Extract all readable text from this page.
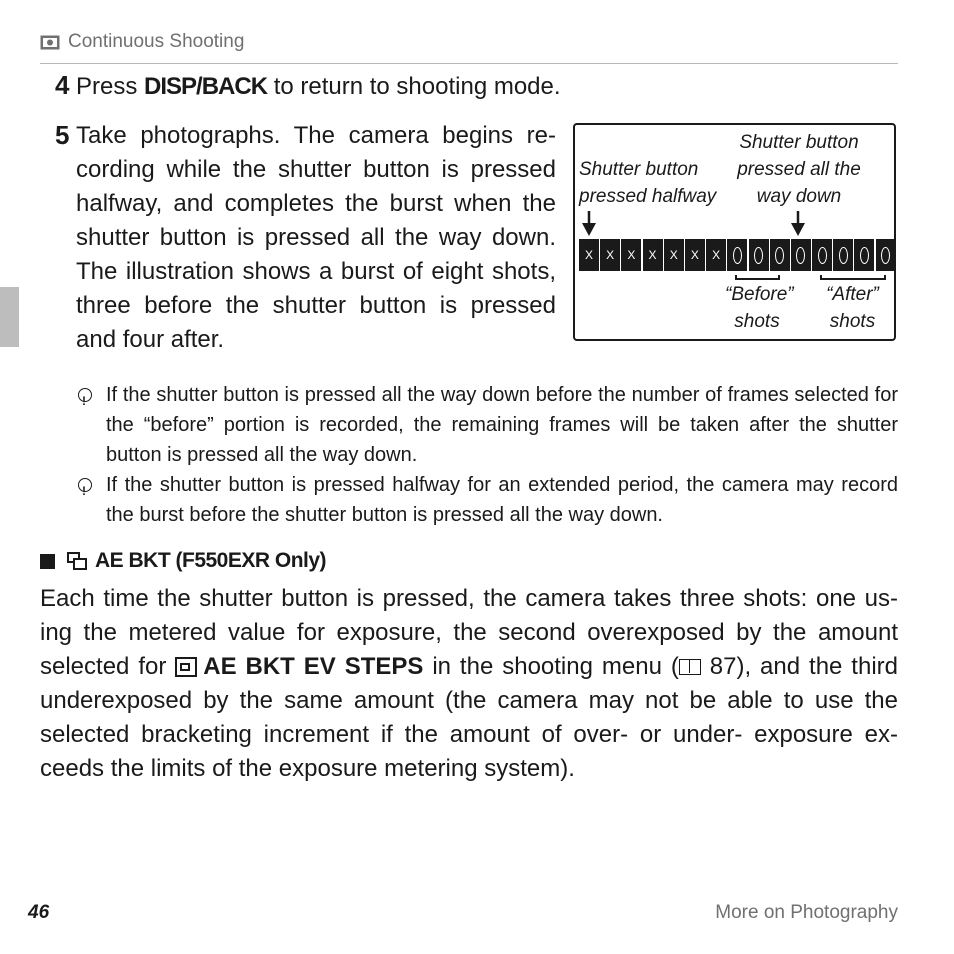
Continuous Shooting
4 Press DISP/BACK to return to shooting mode.
5 Take photographs. The camera begins re-cording while the shutter button is pressed halfway, and completes the burst when the shutter button is pressed all the way down. The illustration shows a burst of eight shots, three before the shutter button is pressed and four after.
Shutter button
pressed halfway
Shutter button
pressed all the
way down
X	X	X	X	X	X	X
“Before”
shots
“After”
shots
!
If the shutter button is pressed all the way down before the number of frames selected for the “before” portion is recorded, the remaining frames will be taken after the shutter button is pressed all the way down.
!
If the shutter button is pressed halfway for an extended period, the camera may record the burst before the shutter button is pressed all the way down.
AE BKT (F550EXR Only)
Each time the shutter button is pressed, the camera takes three shots: one us-ing the metered value for exposure, the second overexposed by the amount selected for AE BKT EV STEPS in the shooting menu ( 87), and the third underexposed by the same amount (the camera may not be able to use the selected bracketing increment if the amount of over- or under- exposure ex-ceeds the limits of the exposure metering system).
46	More on Photography
